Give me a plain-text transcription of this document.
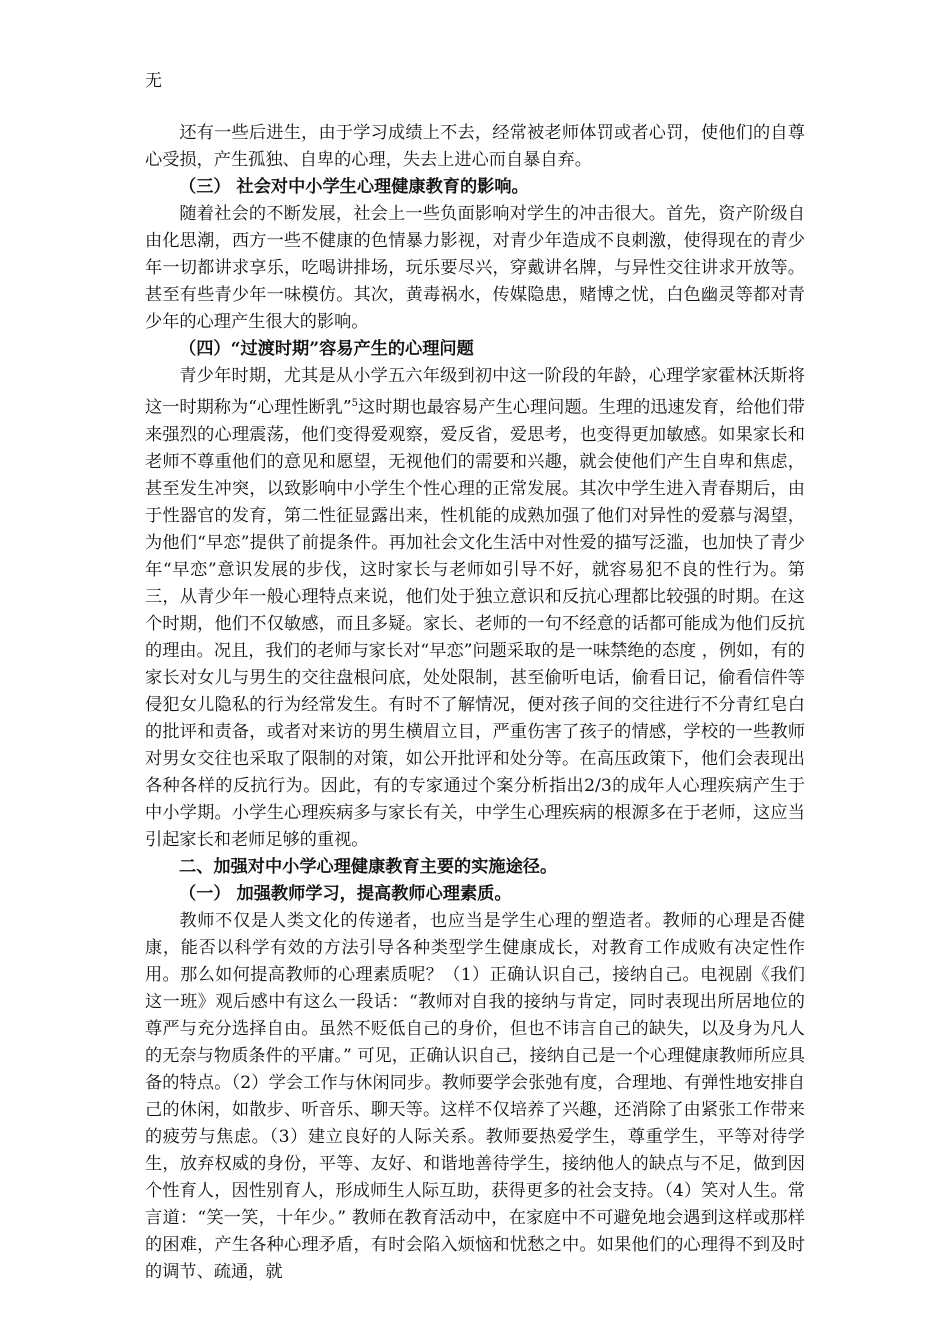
无

还有一些后进生，由于学习成绩上不去，经常被老师体罚或者心罚，使他们的自尊心受损，产生孤独、自卑的心理，失去上进心而自暴自弃。

（三） 社会对中小学生心理健康教育的影响。

随着社会的不断发展，社会上一些负面影响对学生的冲击很大。首先，资产阶级自由化思潮，西方一些不健康的色情暴力影视，对青少年造成不良刺激，使得现在的青少年一切都讲求享乐，吃喝讲排场，玩乐要尽兴，穿戴讲名牌，与异性交往讲求开放等。甚至有些青少年一味模仿。其次，黄毒祸水，传媒隐患，赌博之忧，白色幽灵等都对青少年的心理产生很大的影响。

（四）“过渡时期”容易产生的心理问题

青少年时期，尤其是从小学五六年级到初中这一阶段的年龄，心理学家霍林沃斯将这一时期称为“心理性断乳”$^5$这时期也最容易产生心理问题。生理的迅速发育，给他们带来强烈的心理震荡，他们变得爱观察，爱反省，爱思考，也变得更加敏感。如果家长和老师不尊重他们的意见和愿望，无视他们的需要和兴趣，就会使他们产生自卑和焦虑，甚至发生冲突，以致影响中小学生个性心理的正常发展。其次中学生进入青春期后，由于性器官的发育，第二性征显露出来，性机能的成熟加强了他们对异性的爱慕与渴望，为他们“早恋”提供了前提条件。再加社会文化生活中对性爱的描写泛滥，也加快了青少年“早恋”意识发展的步伐，这时家长与老师如引导不好，就容易犯不良的性行为。第三，从青少年一般心理特点来说，他们处于独立意识和反抗心理都比较强的时期。在这个时期，他们不仅敏感，而且多疑。家长、老师的一句不经意的话都可能成为他们反抗的理由。况且，我们的老师与家长对“早恋”问题采取的是一味禁绝的态度 ，例如，有的家长对女儿与男生的交往盘根问底，处处限制，甚至偷听电话，偷看日记，偷看信件等侵犯女儿隐私的行为经常发生。有时不了解情况，便对孩子间的交往进行不分青红皂白的批评和责备，或者对来访的男生横眉立目，严重伤害了孩子的情感，学校的一些教师对男女交往也采取了限制的对策，如公开批评和处分等。在高压政策下，他们会表现出各种各样的反抗行为。因此，有的专家通过个案分析指出2/3的成年人心理疾病产生于中小学期。小学生心理疾病多与家长有关，中学生心理疾病的根源多在于老师，这应当引起家长和老师足够的重视。

二、加强对中小学心理健康教育主要的实施途径。

（一） 加强教师学习，提高教师心理素质。

教师不仅是人类文化的传递者，也应当是学生心理的塑造者。教师的心理是否健康，能否以科学有效的方法引导各种类型学生健康成长，对教育工作成败有决定性作用。那么如何提高教师的心理素质呢？（1）正确认识自己，接纳自己。电视剧《我们这一班》观后感中有这么一段话：“教师对自我的接纳与肯定，同时表现出所居地位的尊严与充分选择自由。虽然不贬低自己的身价，但也不讳言自己的缺失，以及身为凡人的无奈与物质条件的平庸。” 可见，正确认识自己，接纳自己是一个心理健康教师所应具备的特点。（2）学会工作与休闲同步。教师要学会张弛有度，合理地、有弹性地安排自己的休闲，如散步、听音乐、聊天等。这样不仅培养了兴趣，还消除了由紧张工作带来的疲劳与焦虑。（3）建立良好的人际关系。教师要热爱学生，尊重学生，平等对待学生，放弃权威的身份，平等、友好、和谐地善待学生，接纳他人的缺点与不足，做到因个性育人，因性别育人，形成师生人际互助，获得更多的社会支持。（4）笑对人生。常言道：“笑一笑，十年少。” 教师在教育活动中，在家庭中不可避免地会遇到这样或那样的困难，产生各种心理矛盾，有时会陷入烦恼和忧愁之中。如果他们的心理得不到及时的调节、疏通，就
